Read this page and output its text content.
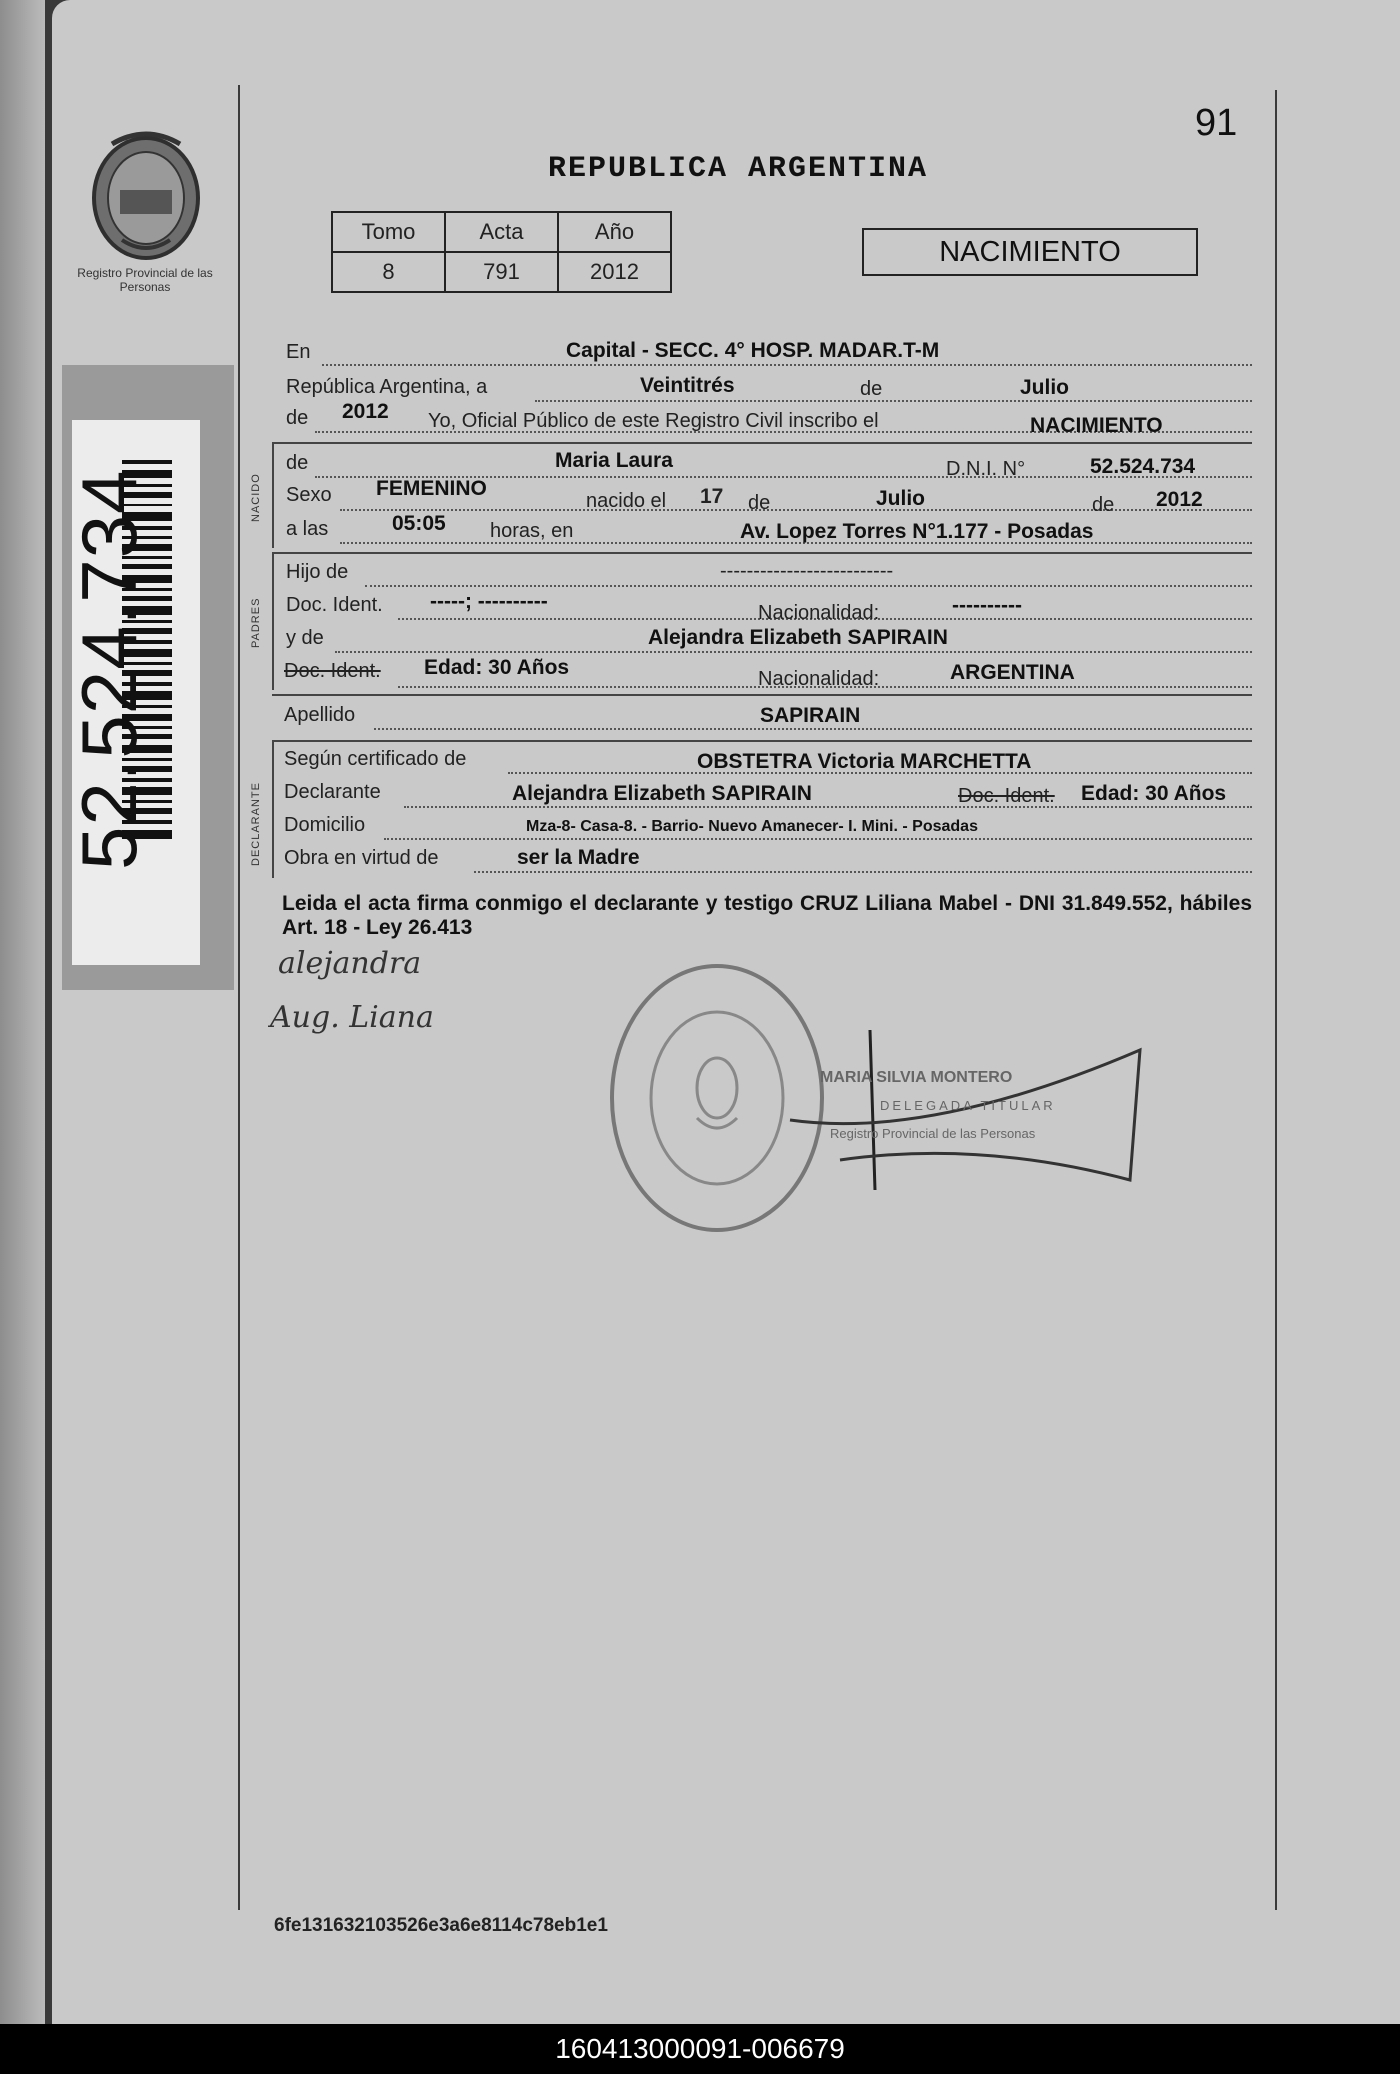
Registro Provincial de las Personas
52.524.734
91
REPUBLICA ARGENTINA
Tomo	Acta	Año
8	791	2012
NACIMIENTO
En	Capital - SECC. 4° HOSP. MADAR.T-M
República Argentina, a	Veintitrés	de	Julio
de 2012 Yo, Oficial Público de este Registro Civil inscribo el	NACIMIENTO
NACIDO
de	Maria Laura	D.N.I. N°	52.524.734
Sexo FEMENINO
nacido el 17 de	Julio	de 2012
a las	05:05 horas, en	Av. Lopez Torres N°1.177 - Posadas
PADRES
Hijo de	--------------------------
Doc. Ident. -----; ----------	Nacionalidad:	----------
y de	Alejandra Elizabeth SAPIRAIN
Doc. Ident. Edad: 30 Años	Nacionalidad:	ARGENTINA
Apellido	SAPIRAIN
DECLARANTE
Según certificado de	OBSTETRA Victoria MARCHETTA
Declarante	Alejandra Elizabeth SAPIRAIN	Doc. Ident. Edad: 30 Años
Domicilio	Mza-8- Casa-8. - Barrio- Nuevo Amanecer- I. Mini. - Posadas
Obra en virtud de	ser la Madre
Leida el acta firma conmigo el declarante y testigo CRUZ Liliana Mabel - DNI 31.849.552, hábiles Art. 18 - Ley 26.413
alejandra
Aug. Liana
MARIA SILVIA MONTERO
DELEGADA TITULAR
Registro Provincial de las Personas
6fe131632103526e3a6e8114c78eb1e1
160413000091-006679
